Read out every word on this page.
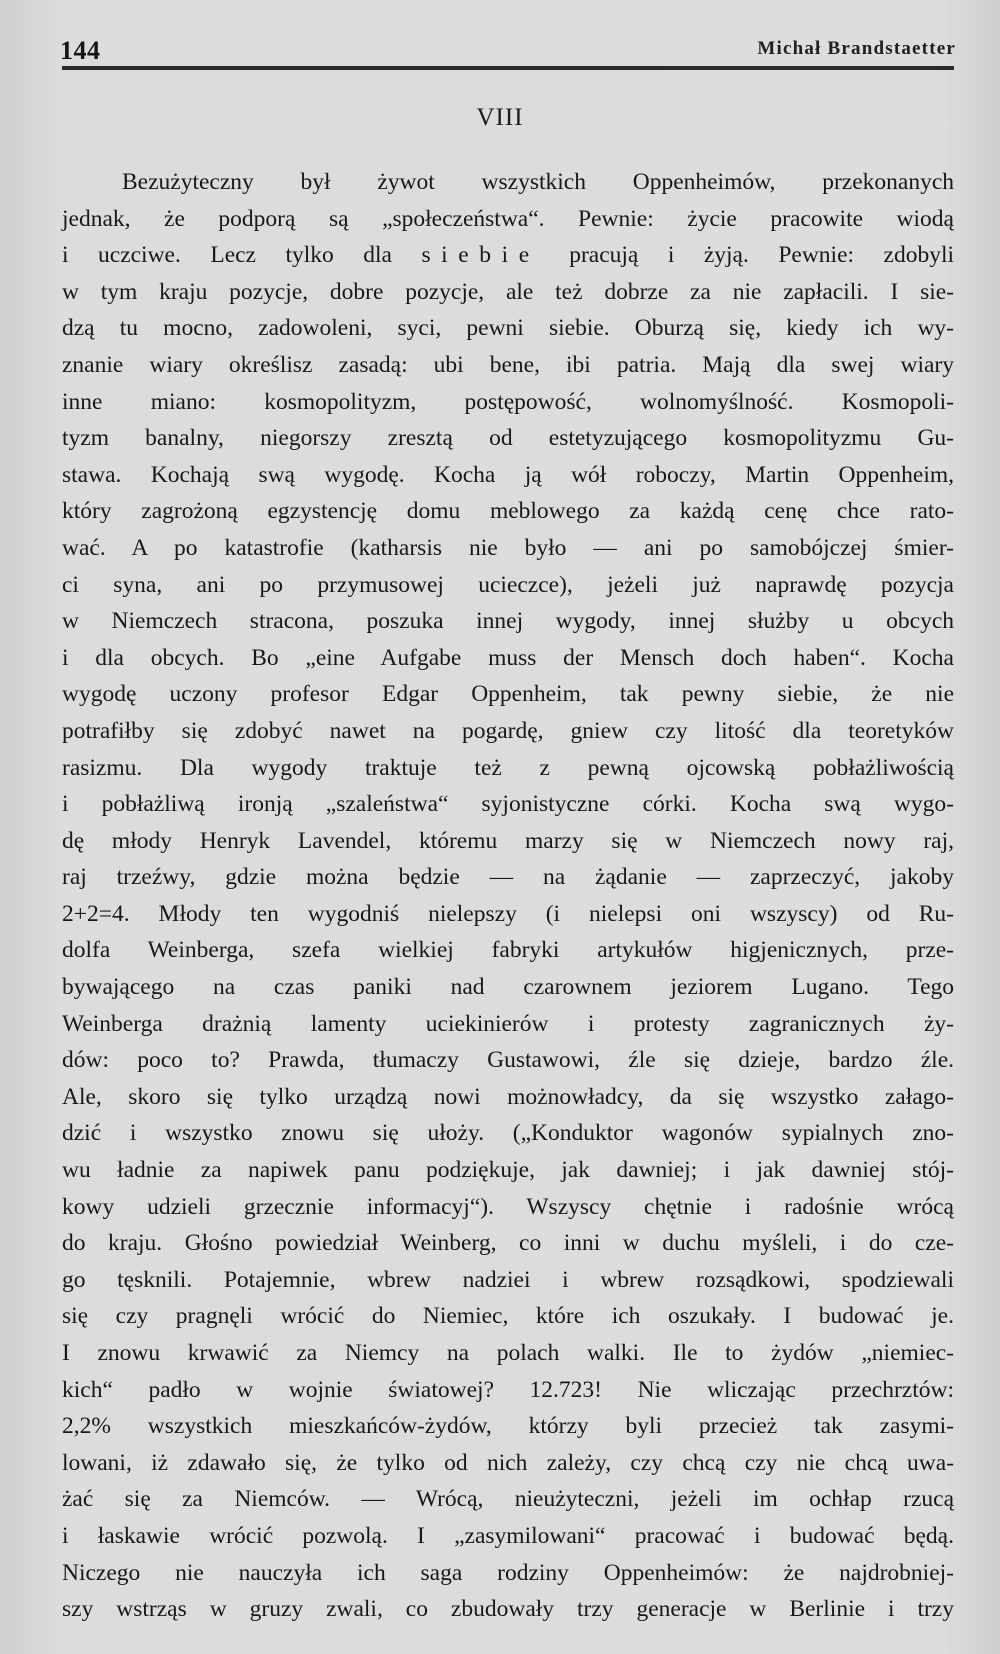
144	Michał Brandstaetter
VIII
Bezużyteczny był żywot wszystkich Oppenheimów, przekonanych
jednak, że podporą są „społeczeństwa“. Pewnie: życie pracowite wiodą
i uczciwe. Lecz tylko dla siebie pracują i żyją. Pewnie: zdobyli
w tym kraju pozycje, dobre pozycje, ale też dobrze za nie zapłacili. I sie-
dzą tu mocno, zadowoleni, syci, pewni siebie. Oburzą się, kiedy ich wy-
znanie wiary określisz zasadą: ubi bene, ibi patria. Mają dla swej wiary
inne miano: kosmopolityzm, postępowość, wolnomyślność. Kosmopoli-
tyzm banalny, niegorszy zresztą od estetyzującego kosmopolityzmu Gu-
stawa. Kochają swą wygodę. Kocha ją wół roboczy, Martin Oppenheim,
który zagrożoną egzystencję domu meblowego za każdą cenę chce rato-
wać. A po katastrofie (katharsis nie było — ani po samobójczej śmier-
ci syna, ani po przymusowej ucieczce), jeżeli już naprawdę pozycja
w Niemczech stracona, poszuka innej wygody, innej służby u obcych
i dla obcych. Bo „eine Aufgabe muss der Mensch doch haben“. Kocha
wygodę uczony profesor Edgar Oppenheim, tak pewny siebie, że nie
potrafiłby się zdobyć nawet na pogardę, gniew czy litość dla teoretyków
rasizmu. Dla wygody traktuje też z pewną ojcowską pobłażliwością
i pobłażliwą ironją „szaleństwa“ syjonistyczne córki. Kocha swą wygo-
dę młody Henryk Lavendel, któremu marzy się w Niemczech nowy raj,
raj trzeźwy, gdzie można będzie — na żądanie — zaprzeczyć, jakoby
2+2=4. Młody ten wygodniś nielepszy (i nielepsi oni wszyscy) od Ru-
dolfa Weinberga, szefa wielkiej fabryki artykułów higjenicznych, prze-
bywającego na czas paniki nad czarownem jeziorem Lugano. Tego
Weinberga drażnią lamenty uciekinierów i protesty zagranicznych ży-
dów: poco to? Prawda, tłumaczy Gustawowi, źle się dzieje, bardzo źle.
Ale, skoro się tylko urządzą nowi możnowładcy, da się wszystko załago-
dzić i wszystko znowu się ułoży. („Konduktor wagonów sypialnych zno-
wu ładnie za napiwek panu podziękuje, jak dawniej; i jak dawniej stój-
kowy udzieli grzecznie informacyj“). Wszyscy chętnie i radośnie wrócą
do kraju. Głośno powiedział Weinberg, co inni w duchu myśleli, i do cze-
go tęsknili. Potajemnie, wbrew nadziei i wbrew rozsądkowi, spodziewali
się czy pragnęli wrócić do Niemiec, które ich oszukały. I budować je.
I znowu krwawić za Niemcy na polach walki. Ile to żydów „niemiec-
kich“ padło w wojnie światowej? 12.723! Nie wliczając przechrztów:
2,2% wszystkich mieszkańców-żydów, którzy byli przecież tak zasymi-
lowani, iż zdawało się, że tylko od nich zależy, czy chcą czy nie chcą uwa-
żać się za Niemców. — Wrócą, nieużyteczni, jeżeli im ochłap rzucą
i łaskawie wrócić pozwolą. I „zasymilowani“ pracować i budować będą.
Niczego nie nauczyła ich saga rodziny Oppenheimów: że najdrobniej-
szy wstrząs w gruzy zwali, co zbudowały trzy generacje w Berlinie i trzy
